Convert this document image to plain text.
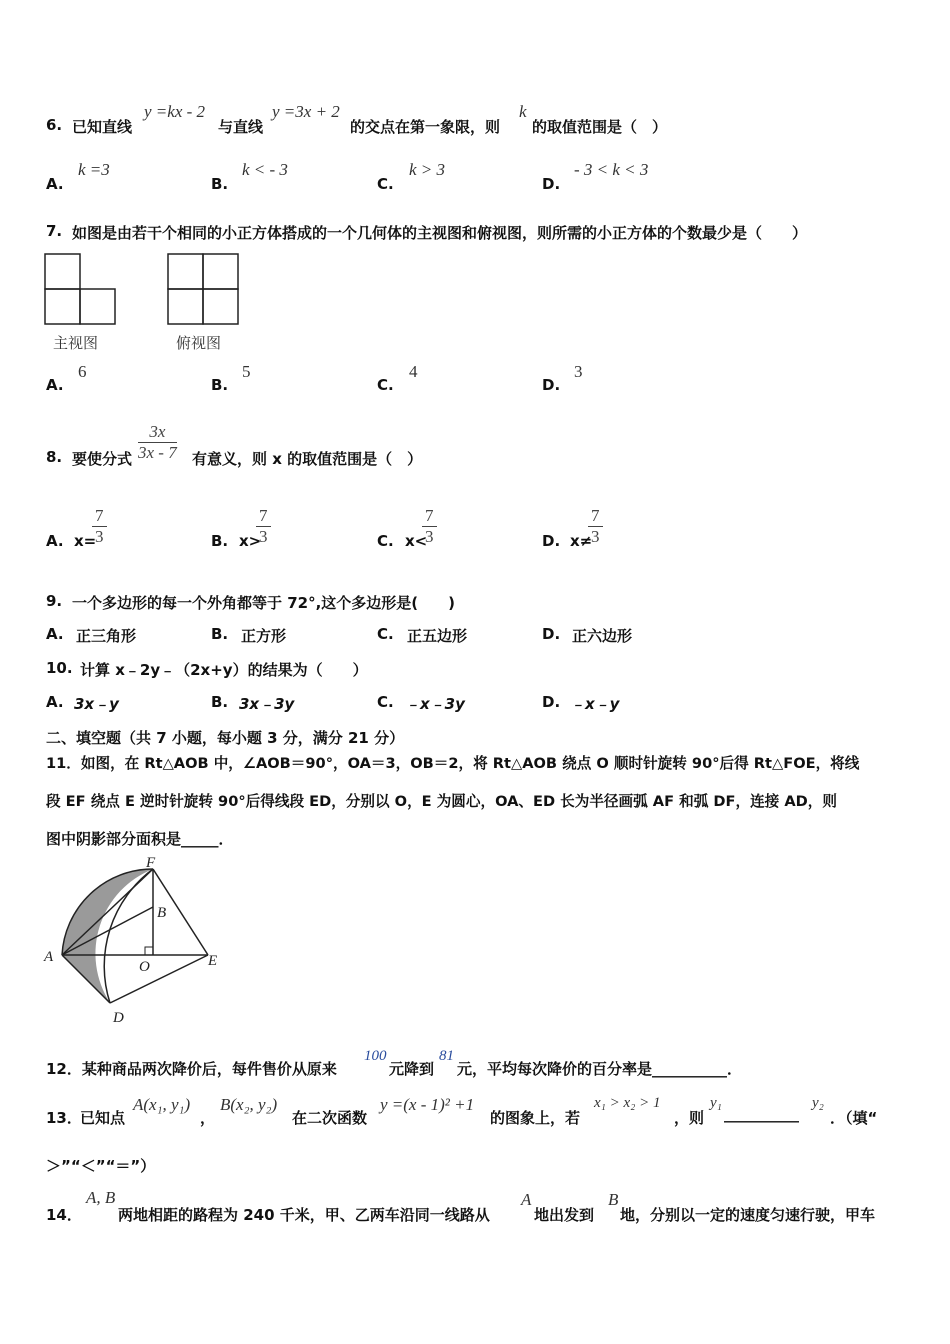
6. 已知直线
y =kx - 2
与直线
y =3x + 2
的交点在第一象限，则
k
的取值范围是（　）
A.
k =3
B.
k < - 3
C.
k > 3
D.
- 3 < k < 3
7. 如图是由若干个相同的小正方体搭成的一个几何体的主视图和俯视图，则所需的小正方体的个数最少是（　　）
主视图	俯视图
A.
6
B.
5
C.
4
D.
3
8. 要使分式 $\frac{3x}{3x - 7}$ 有意义，则 x 的取值范围是（　）
A. x=
$\frac{7}{3}$	B. x>
$\frac{7}{3}$	C. x<
$\frac{7}{3}$	D. x≠
$\frac{7}{3}$
9. 一个多边形的每一个外角都等于 72°,这个多边形是(　　)
A. 正三角形	B. 正方形	C. 正五边形	D. 正六边形
10. 计算 x﹣2y﹣（2x+y）的结果为（　　）
A. 3x﹣y	B. 3x﹣3y	C. ﹣x﹣3y	D. ﹣x﹣y
二、填空题（共 7 小题，每小题 3 分，满分 21 分）
11．如图，在 Rt△AOB 中，∠AOB＝90°，OA＝3，OB＝2，将 Rt△AOB 绕点 O 顺时针旋转 90°后得 Rt△FOE，将线
段 EF 绕点 E 逆时针旋转 90°后得线段 ED，分别以 O，E 为圆心，OA、ED 长为半径画弧 AF 和弧 DF，连接 AD，则
图中阴影部分面积是_____．
F
B
A
O	E
D
12．某种商品两次降价后，每件售价从原来
100
元降到
81
元，平均每次降价的百分率是__________．
13．
已知点
A(x₁, y₁)
，
B(x₂, y₂)
在二次函数
y =(x - 1)² +1
的图象上，若
x₁ > x₂ > 1
，则
y₁
__________
y₂
．（填“
＞”“＜”“＝”）
14．
A, B
两地相距的路程为 240 千米，甲、乙两车沿同一线路从
A
地出发到
B
地，分别以一定的速度匀速行驶，甲车
